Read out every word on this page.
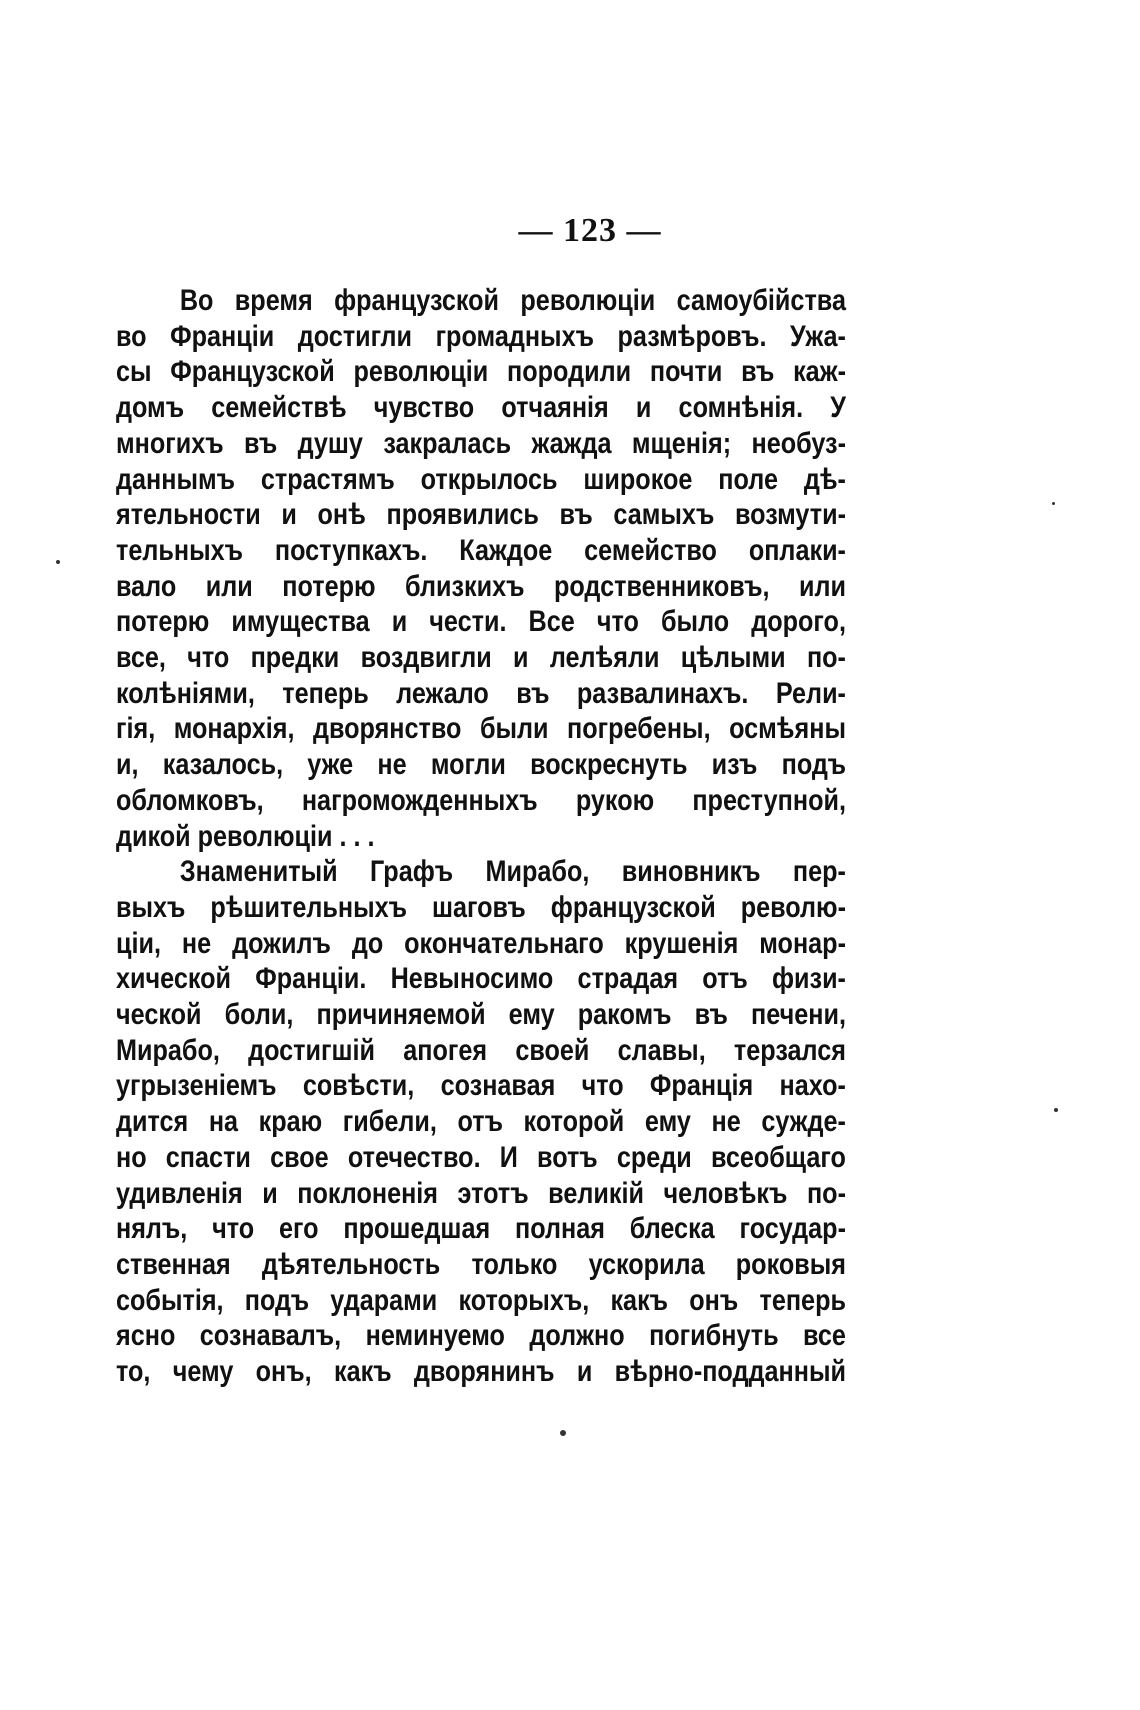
— 123 —
Во время французской революціи самоубійства
во Франціи достигли громадныхъ размѣровъ. Ужа-
сы Французской революціи породили почти въ каж-
домъ семействѣ чувство отчаянія и сомнѣнія. У
многихъ въ душу закралась жажда мщенія; необуз-
даннымъ страстямъ открылось широкое поле дѣ-
ятельности и онѣ проявились въ самыхъ возмути-
тельныхъ поступкахъ. Каждое семейство оплаки-
вало или потерю близкихъ родственниковъ, или
потерю имущества и чести. Все что было дорого,
все, что предки воздвигли и лелѣяли цѣлыми по-
колѣніями, теперь лежало въ развалинахъ. Рели-
гія, монархія, дворянство были погребены, осмѣяны
и, казалось, уже не могли воскреснуть изъ подъ
обломковъ, нагроможденныхъ рукою преступной,
дикой революціи . . .
Знаменитый Графъ Мирабо, виновникъ пер-
выхъ рѣшительныхъ шаговъ французской револю-
ціи, не дожилъ до окончательнаго крушенія монар-
хической Франціи. Невыносимо страдая отъ физи-
ческой боли, причиняемой ему ракомъ въ печени,
Мирабо, достигшій апогея своей славы, терзался
угрызеніемъ совѣсти, сознавая что Франція нахо-
дится на краю гибели, отъ которой ему не сужде-
но спасти свое отечество. И вотъ среди всеобщаго
удивленія и поклоненія этотъ великій человѣкъ по-
нялъ, что его прошедшая полная блеска государ-
ственная дѣятельность только ускорила роковыя
событія, подъ ударами которыхъ, какъ онъ теперь
ясно сознавалъ, неминуемо должно погибнуть все
то, чему онъ, какъ дворянинъ и вѣрно-подданный
